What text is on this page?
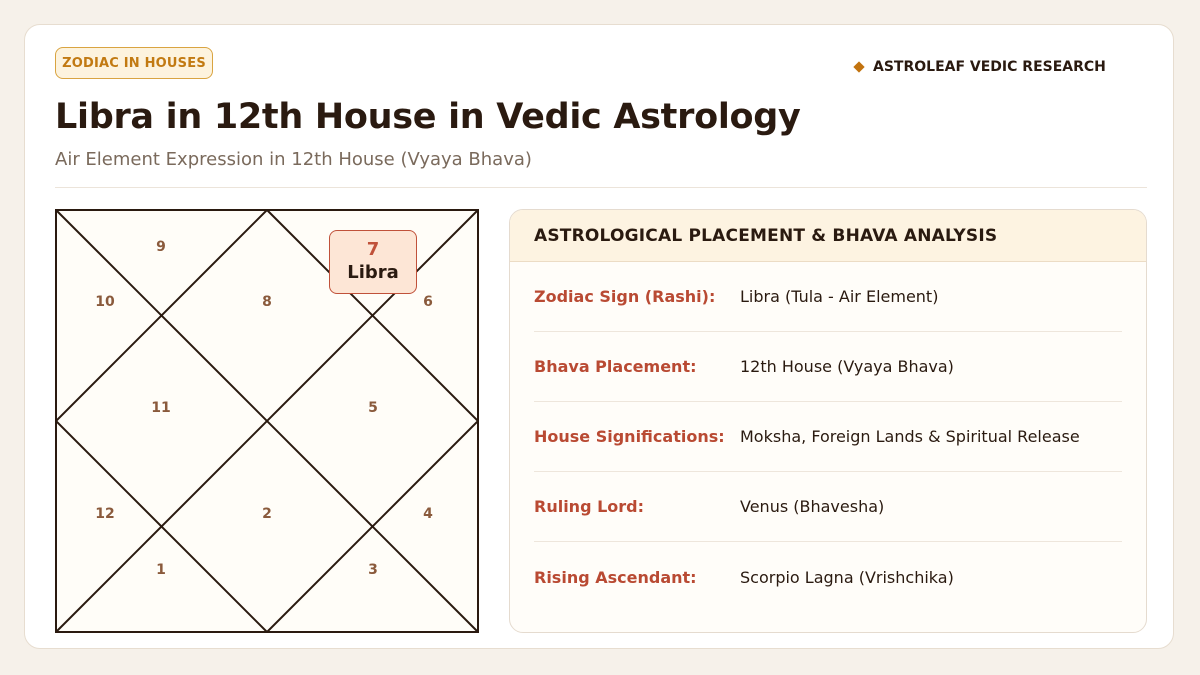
ZODIAC IN HOUSES	ASTROLEAF VEDIC RESEARCH
Libra in 12th House in Vedic Astrology
Air Element Expression in 12th House (Vyaya Bhava)
9
10	8	6
11	5
12	2	4
1	3
7
Libra
ASTROLOGICAL PLACEMENT & BHAVA ANALYSIS
Zodiac Sign (Rashi):	Libra (Tula - Air Element)
Bhava Placement:	12th House (Vyaya Bhava)
House Significations: Moksha, Foreign Lands & Spiritual Release
Ruling Lord:	Venus (Bhavesha)
Rising Ascendant:	Scorpio Lagna (Vrishchika)
